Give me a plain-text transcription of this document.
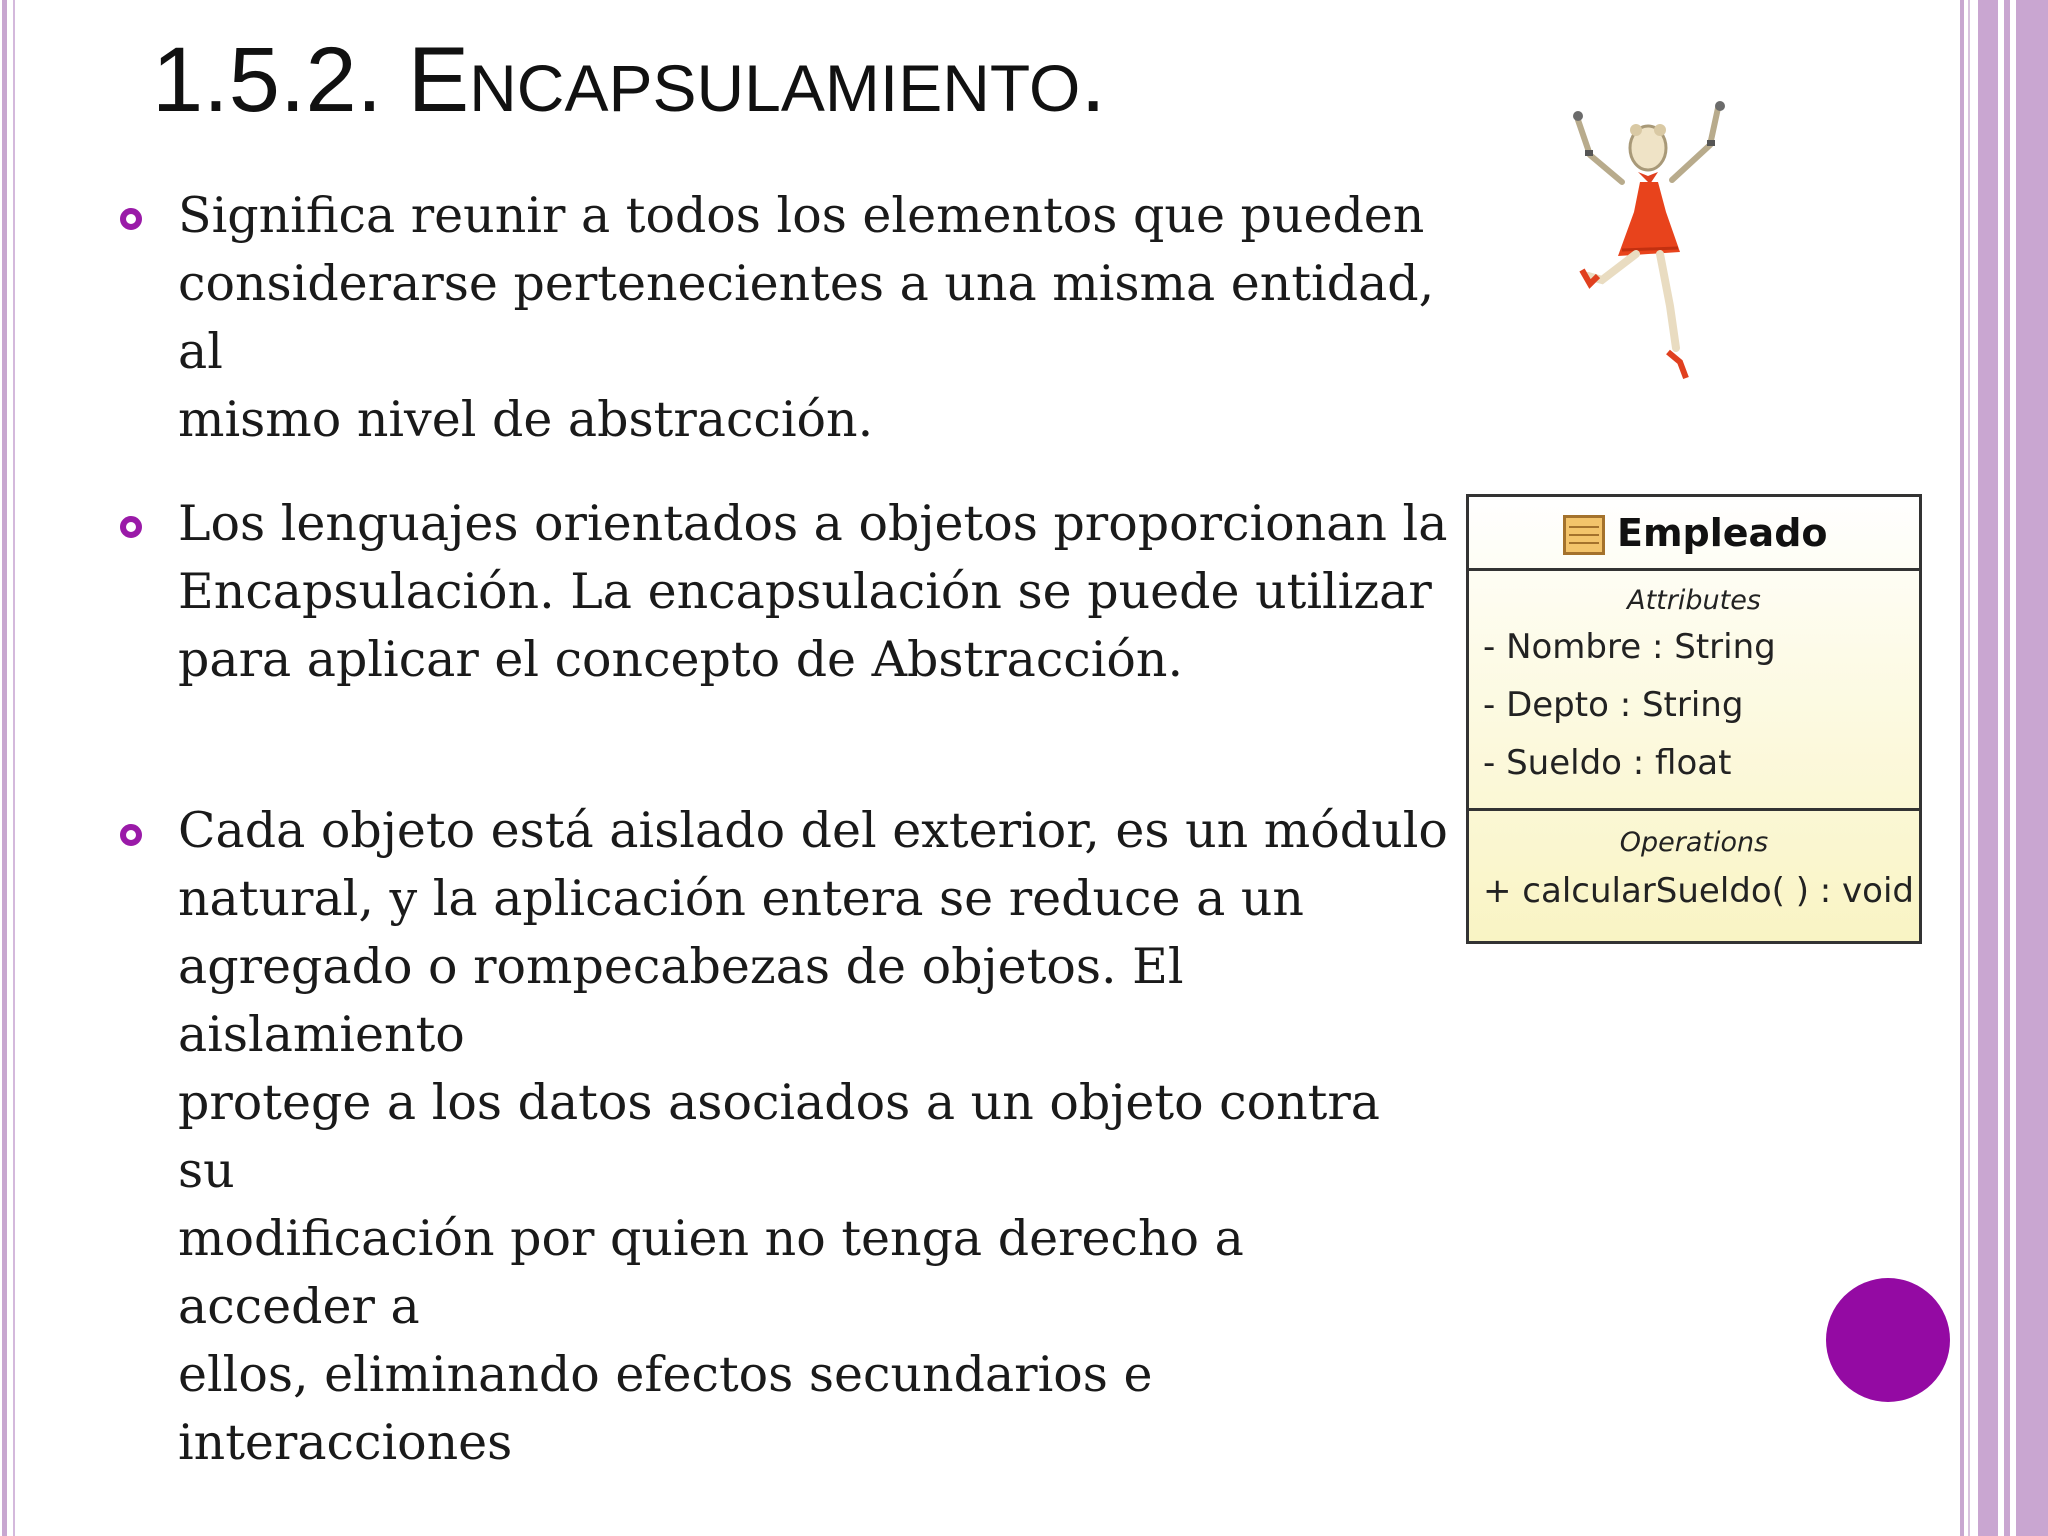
1.5.2. ENCAPSULAMIENTO.
Significa reunir a todos los elementos que pueden
considerarse pertenecientes a una misma entidad, al
mismo nivel de abstracción.
Los lenguajes orientados a objetos proporcionan la
Encapsulación. La encapsulación se puede utilizar
para aplicar el concepto de Abstracción.
Cada objeto está aislado del exterior, es un módulo
natural, y la aplicación entera se reduce a un
agregado o rompecabezas de objetos. El aislamiento
protege a los datos asociados a un objeto contra su
modificación por quien no tenga derecho a acceder a
ellos, eliminando efectos secundarios e interacciones
Empleado
Attributes
- Nombre : String
- Depto : String
- Sueldo : float
Operations
+ calcularSueldo( ) : void
